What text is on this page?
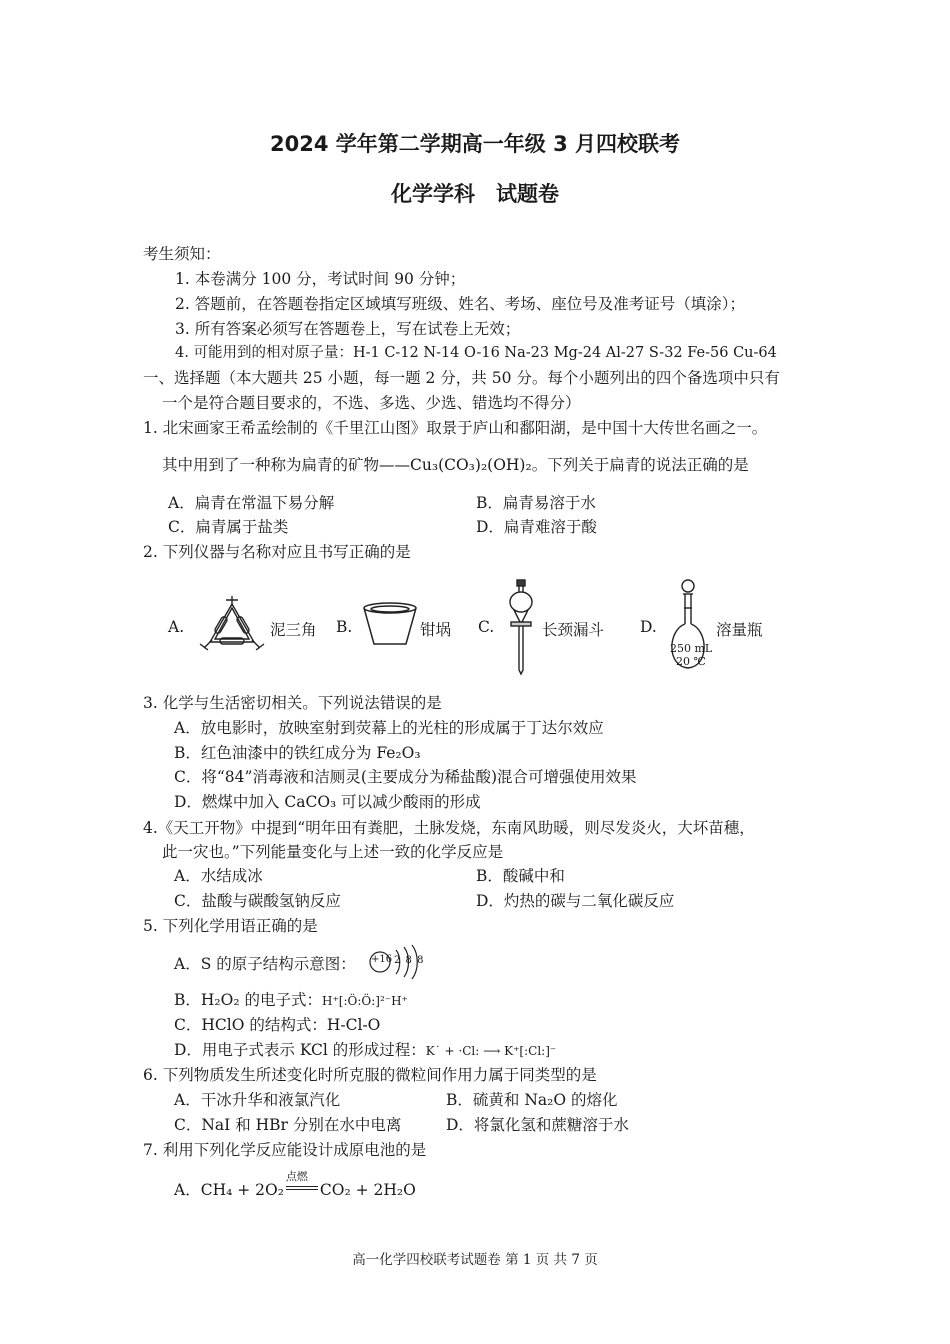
2024 学年第二学期高一年级 3 月四校联考
化学学科　试题卷
考生须知：
1. 本卷满分 100 分，考试时间 90 分钟；
2. 答题前，在答题卷指定区域填写班级、姓名、考场、座位号及准考证号（填涂）；
3. 所有答案必须写在答题卷上，写在试卷上无效；
4. 可能用到的相对原子量：H-1 C-12 N-14 O-16 Na-23 Mg-24 Al-27 S-32 Fe-56 Cu-64
一、选择题（本大题共 25 小题，每一题 2 分，共 50 分。每个小题列出的四个备选项中只有
一个是符合题目要求的，不选、多选、少选、错选均不得分）
1. 北宋画家王希孟绘制的《千里江山图》取景于庐山和鄱阳湖，是中国十大传世名画之一。
其中用到了一种称为扁青的矿物——Cu₃(CO₃)₂(OH)₂。下列关于扁青的说法正确的是
A．扁青在常温下易分解	B．扁青易溶于水
C．扁青属于盐类	D．扁青难溶于酸
2. 下列仪器与名称对应且书写正确的是
A.	泥三角 B.	钳埚 C.	长颈漏斗 D.
250 mL
20 ℃
溶量瓶
3. 化学与生活密切相关。下列说法错误的是
A．放电影时，放映室射到荧幕上的光柱的形成属于丁达尔效应
B．红色油漆中的铁红成分为 Fe₂O₃
C．将“84”消毒液和洁厕灵(主要成分为稀盐酸)混合可增强使用效果
D．燃煤中加入 CaCO₃ 可以减少酸雨的形成
4.《天工开物》中提到“明年田有粪肥，土脉发烧，东南风助暖，则尽发炎火，大坏苗穗，
此一灾也。”下列能量变化与上述一致的化学反应是
A．水结成冰	B．酸碱中和
C．盐酸与碳酸氢钠反应	D．灼热的碳与二氧化碳反应
5. 下列化学用语正确的是
A．S 的原子结构示意图： +16 2 8 8
B．H₂O₂ 的电子式：H⁺[:Ö:Ö:]²⁻H⁺
C．HClO 的结构式：H-Cl-O
D．用电子式表示 KCl 的形成过程：K˙ + ·Cl: ⟶ K⁺[:Cl:]⁻
6. 下列物质发生所述变化时所克服的微粒间作用力属于同类型的是
A．干冰升华和液氯汽化	B．硫黄和 Na₂O 的熔化
C．NaI 和 HBr 分别在水中电离	D．将氯化氢和蔗糖溶于水
7. 利用下列化学反应能设计成原电池的是
A．CH₄ + 2O₂
点燃
CO₂ + 2H₂O
高一化学四校联考试题卷 第 1 页 共 7 页
